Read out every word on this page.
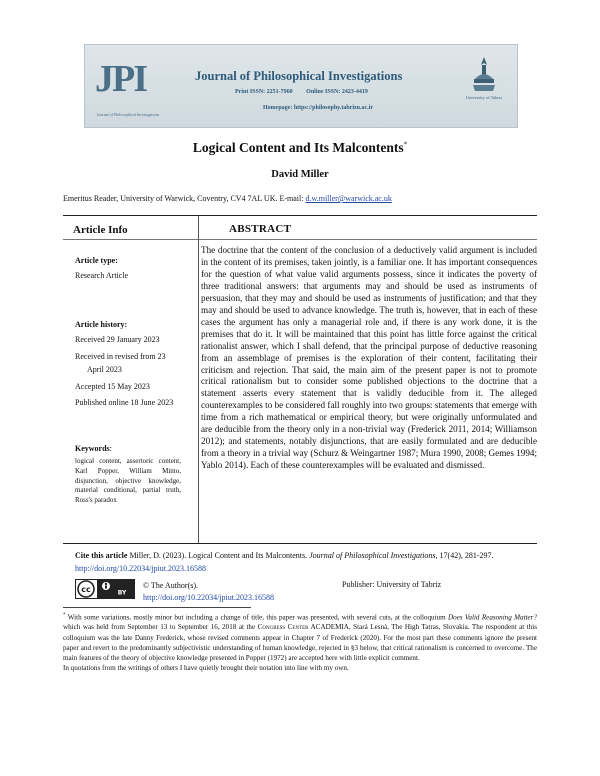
JPI
Journal of Philosophical Investigations
Journal of Philosophical Investigations
Print ISSN: 2251-7960 Online ISSN: 2423-4419
Homepage: https://philosophy.tabrizu.ac.ir
University of Tabriz
Logical Content and Its Malcontents*
David Miller
Emeritus Reader, University of Warwick, Coventry, CV4 7AL UK. E-mail: d.w.miller@warwick.ac.uk
Article Info	ABSTRACT
Article type:
Research Article
Article history:
Received 29 January 2023
Received in revised from 23
April 2023
Accepted 15 May 2023
Published online 18 June 2023
Keywords:
logical content, assertoric content, Karl Popper, William Minto, disjunction, objective knowledge, material conditional, partial truth, Ross's paradox
The doctrine that the content of the conclusion of a deductively valid argument is included in the content of its premises, taken jointly, is a familiar one. It has important consequences for the question of what value valid arguments possess, since it indicates the poverty of three traditional answers: that arguments may and should be used as instruments of persuasion, that they may and should be used as instruments of justification; and that they may and should be used to advance knowledge. The truth is, however, that in each of these cases the argument has only a managerial role and, if there is any work done, it is the premises that do it. It will be maintained that this point has little force against the critical rationalist answer, which I shall defend, that the principal purpose of deductive reasoning from an assemblage of premises is the exploration of their content, facilitating their criticism and rejection. That said, the main aim of the present paper is not to promote critical rationalism but to consider some published objections to the doctrine that a statement asserts every statement that is validly deducible from it. The alleged counterexamples to be considered fall roughly into two groups: statements that emerge with time from a rich mathematical or empirical theory, but were originally unformulated and are deducible from the theory only in a non-trivial way (Frederick 2011, 2014; Williamson 2012); and statements, notably disjunctions, that are easily formulated and are deducible from a theory in a trivial way (Schurz & Weingartner 1987; Mura 1990, 2008; Gemes 1994; Yablo 2014). Each of these counterexamples will be evaluated and dismissed.
Cite this article Miller, D. (2023). Logical Content and Its Malcontents. Journal of Philosophical Investigations, 17(42), 281-297. http://doi.org/10.22034/jpiut.2023.16588
cc	BY
© The Author(s).
http://doi.org/10.22034/jpiut.2023.16588
Publisher: University of Tabriz
* With some variations, mostly minor but including a change of title, this paper was presented, with several cuts, at the colloquium Does Valid Reasoning Matter? which was held from September 13 to September 16, 2018 at the Congress Center ACADEMIA, Stará Lesná, The High Tatras, Slovakia. The respondent at this colloquium was the late Danny Frederick, whose revised comments appear in Chapter 7 of Frederick (2020). For the most part these comments ignore the present paper and revert to the predominantly subjectivistic understanding of human knowledge, rejected in §3 below, that critical rationalism is concerned to overcome. The main features of the theory of objective knowledge presented in Popper (1972) are accepted here with little explicit comment.
In quotations from the writings of others I have quietly brought their notation into line with my own.
